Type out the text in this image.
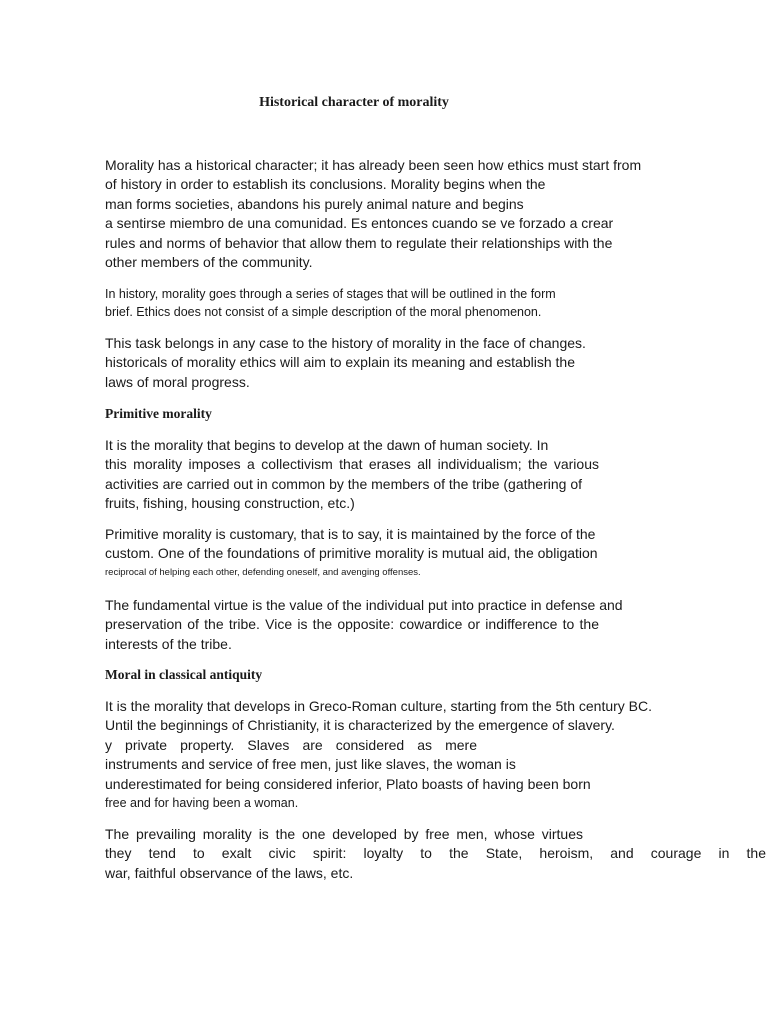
Historical character of morality
Morality has a historical character; it has already been seen how ethics must start from
of history in order to establish its conclusions. Morality begins when the
man forms societies, abandons his purely animal nature and begins
a sentirse miembro de una comunidad. Es entonces cuando se ve forzado a crear
rules and norms of behavior that allow them to regulate their relationships with the
other members of the community.
In history, morality goes through a series of stages that will be outlined in the form
brief. Ethics does not consist of a simple description of the moral phenomenon.
This task belongs in any case to the history of morality in the face of changes.
historicals of morality ethics will aim to explain its meaning and establish the
laws of moral progress.
Primitive morality
It is the morality that begins to develop at the dawn of human society. In
this morality imposes a collectivism that erases all individualism; the various
activities are carried out in common by the members of the tribe (gathering of
fruits, fishing, housing construction, etc.)
Primitive morality is customary, that is to say, it is maintained by the force of the
custom. One of the foundations of primitive morality is mutual aid, the obligation
reciprocal of helping each other, defending oneself, and avenging offenses.
The fundamental virtue is the value of the individual put into practice in defense and
preservation of the tribe. Vice is the opposite: cowardice or indifference to the
interests of the tribe.
Moral in classical antiquity
It is the morality that develops in Greco-Roman culture, starting from the 5th century BC.
Until the beginnings of Christianity, it is characterized by the emergence of slavery.
y private property. Slaves are considered as mere
instruments and service of free men, just like slaves, the woman is
underestimated for being considered inferior, Plato boasts of having been born
free and for having been a woman.
The prevailing morality is the one developed by free men, whose virtues
they tend to exalt civic spirit: loyalty to the State, heroism, and courage in the
war, faithful observance of the laws, etc.
